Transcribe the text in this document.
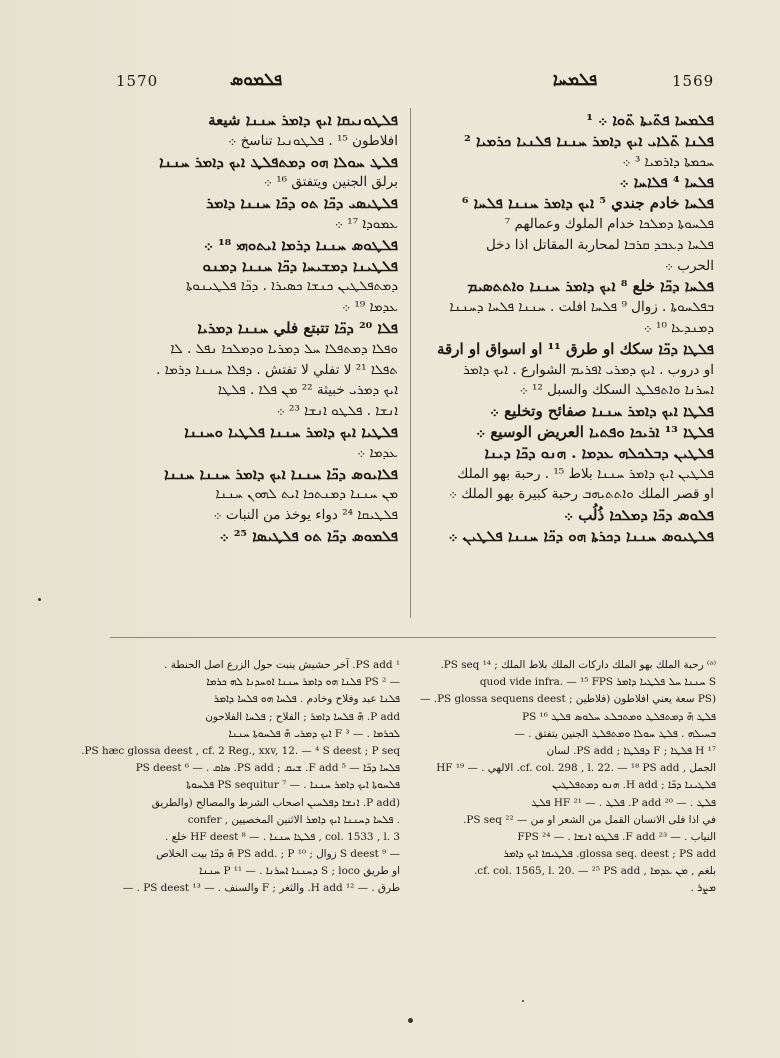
1570	ܦܠܡܘܣ	ܦܠܡܚܐ	1569
ܦܠܛܘܢܝܩܐ ܐܝܟ ܕܐܡܪ ܚܢܢܐ شيعة
افلاطون ¹⁵ . ܦܠܛܘܢܝܐ تناسخ ܀
ܦܠܛ ܚܘܠܐ ܗܘ ܕܡܬܦܠܛ ܐܝܟ ܕܐܡܪ ܚܢܢܐ
برلق الجنين ويتفتق ¹⁶ ܀
ܦܠܛܝܣܝ ܕܟ̈ܐ ܬܘ ܕܟ̈ܐ ܚܢܢܐ ܕܐܡܪ
ܥܡܘܕܐ ¹⁷ ܀
ܦܠܛܘܣ ܚܢܢܐ ܕܪܡܐ ܐܝܬܘܗܝ ¹⁸ ܀
ܦܠܛܝܢܐ ܕܡܫܝܚܐ ܕܟ̈ܐ ܚܢܢܐ ܕܡܢܘ
ܕܡܬܦܠܛܝܢ ܟܢܫܐ ܟܣܝܪܐ . ܕܟ̈ܐ ܦܠܛܝܢܘܬܐ
ܥܕܡܐ ¹⁹ ܀
ܦܠܐ ²⁰ ܕܟ̈ܐ تتبتع فلي ܚܢܢܐ ܕܡܪܝܐ
ܘܦܠܐ ܕܡܬܦܠܐ ܚܠ ܕܡܪܝܐ ܘܕܡܠܟܐ ܢܦܠ . ܠܐ
ܬܦܠܐ ²¹ لا تفلي لا تفتش . ܕܦܠܐ ܚܢܢܐ ܕܪܡܐ .
ܐܝܟ ܕܡܪܝ خبيثة ²² ܡܢ ܦܠܐ . ܦܠܛܐ
ܐܢܫܐ . ܦܠܛܘ ܐܢܫܐ ²³ ܀
ܦܠܛܝܐ ܐܝܟ ܕܐܡܪ ܚܢܢܐ ܦܠܛܝܐ ܘܚܢܢܐ
ܥܕܡܐ ܀
ܦܠܐܝܘܣ ܕܟ̈ܐ ܚܢܢܐ ܐܝܟ ܕܐܡܪ ܚܢܢܐ ܚܢܢܐ
ܡܢ ܚܢܢܐ ܕܡܢܬܟܐ ܐܝܬ ܠܗܘܢ ܚܢܢܐ
ܦܠܛܝܩܐ ²⁴ دواء يوخذ من النبات ܀
ܦܠܡܘܣ ܕܟ̈ܐ ܬܘ ܦܠܛܝܣܐ ²⁵ ܀
ܦܠܡܚܐ ܦܬ̈ܝܬܐ ܬ̈ܘܐ ܀ ¹
ܦܠܢܐ ܬ̈ܠܐܝ ܐܝܟ ܕܐܡܪ ܚܢܢܐ ܦܠܢܝܐ ܟܪܡܝܐ ²
ܚܟܡܬܐ ܕܐܪܡܝܐ ³ ܀
ܦܠܚܐ ⁴ ܦܠܐܚܐ ܀
ܦܠܚܐ خادم جندي ⁵ ܐܝܟ ܕܐܡܪ ܚܢܢܐ ܦܠܚܐ ⁶
ܦܠܚܘܬܐ ܕܡܠܟܐ خدام الملوك وعمالهم ⁷
ܦܠܚܐ ܕܥܒܕ ܩܪܒܐ لمحاربة المقاتل اذا دخل
الحرب ܀
ܦܠܚܐ ܕܟ̈ܐ خلع ⁸ ܐܝܟ ܕܐܡܪ ܚܢܢܐ ܘܐܬܬܣܝܡ
ܒܦܠܚܘܬܐ . زوال ⁹ ܦܠܚܐ افلت . ܚܢܢܐ ܦܠܚܐ ܕܚܢܢܐ
ܕܡܢܕܥܐ ¹⁰ ܀
ܦܠܛܐ ܕܟ̈ܐ سكك او طرق ¹¹ او اسواق او ارقة
او دروب . ܐܝܟ ܕܡܪܝ ܐܦܪܝܡ الشوارع . ܐܝܟ ܕܐܡܪ
ܐܚܪܢܐ ܘܐܬܦܠܛ السكك والسبل ¹² ܀
ܦܠܛܐ ܐܝܟ ܕܐܡܪ ܚܢܢܐ صفائح وتخليع ܀
ܦܠܛܐ ¹³ ܐܪܝܟܐ ܘܦܬܝܐ العريض الوسيع ܀
ܦܠܛܝܢ ܕܒܠܟܠܗ ܥܕܡܐ . ܗܢܘ ܕܟ̈ܐ ܕܝܢܐ
ܦܠܛܝܢ ܐܝܟ ܕܐܡܪ ܚܢܢܐ بلاط ¹⁵ . رحبة بهو الملك
او قصر الملك ܘܐܬܬܝܗܒ رحبة كبيرة بهو الملك ܀
ܦܠܘܣ ܕܟ̈ܐ ܕܡܠܟܐ ذُلُب ܀
ܦܠܛܝܘܣ ܚܢܢܐ ܕܟܪܬܐ ܗܘ ܕܟ̈ܐ ܚܢܢܐ ܦܠܛܝܢ ܀
¹ PS add. آخر حشيش ينبت حول الزرع اصل الحنطة .
— ² PS ܦܠܢܐ ܗܘ ܕܐܡܪ ܚܢܢܐ ܐܘܚܕܢܐ ܠܗ ܟܪܡܐ
ܦܠܢܐ عبد وفلاح وخادم . ܦܠܚܐ ܗܘ ܦܠܚܐ ܕܐܡܪ
P add. ܗ̄ ܦܠܚܐ ܕܐܡܪ ; الفلاح ; ܦܠܚܐ الفلاحون
ܠܟܪܡܐ . — ³ F ܐܝܟ ܕܡܪܝ ܗ̄ ܦܠܚܘܬܐ ܚܢܢܐ
PS hæc glossa deest , cf. 2 Reg., xxv, 12. — ⁴ S deest ; P seq.
ܦܠܚܐ ܕܟ̈ܐ — ⁵ F add. ܫܝܩ ; PS add. ܣܐܩ . — ⁶ PS deest
ܦܠܚܘܬܐ ܐܝܟ ܕܐܡܪ ܚܢܢܐ . — ⁷ PS sequitur ܦܠܚܘܬܐ
(P add. ܐܢܫܐ ܕܦܠܚܝܢ اصحاب الشرط والمصالح (والطريق
. ܦܠܚܐ ܕܚܢܢܐ ܐܝܟ ܕܐܡܪ الاثنين المخصيين , confer
col. 1533 , l. 3 , ܦܠܛܐ ܚܢܢܐ . — ⁸ HF deest خلع .
— ⁹ S deest زوال ; ¹⁰ PS add. ; P ܗ̄ ܕܟ̈ܐ بيت الخلاص
او طريق S ; loco ܕܚܢܢܐ ܐܚܪܢܐ . — ¹¹ P ܚܢܢܐ
طرق . — ¹² H add. والثغر ; F والسنف . — ¹³ PS deest . —
⁽ᵃ⁾ رحبة الملك بهو الملك داركات الملك بلاط الملك ; ¹⁴ PS seq.
S ܚܢܢܐ ܚܠ ܦܠܛܝܐ ܕܐܡܪ quod vide infra. — ¹⁵ FPS
(PS سعة يعني افلاطون (فلاطين ; PS glossa sequens deest. —
ܦܠܛ ܗ̄ ܕܡܬܦܠܛ ܘܡܬܒܠܥ ܚܠܘܣ ܦܠܛ ¹⁶ PS
ܒܚܝܠܗ . ܦܠܛ ܚܘܠܐ ܘܡܬܦܠܛ الجنين يتفتق . —
¹⁷ H ܦܠܛܐ ; F ܕܦܠܛܐ ; PS add. لسان
الجمل , cf. col. 298 , l. 22. — ¹⁸ PS add. الالهي . — ¹⁹ HF
ܦܠܛܝܢܐ ܕܟ̈ܐ ; H add. ܗܢܘ ܕܡܬܦܠܛܝܢ
ܦܠܛ . — ²⁰ P add. ܦܠܛ . — ²¹ HF ܦܠܛ
في اذا فلى الانسان القمل من الشعر او من — ²² PS seq.
النياب . — ²³ F add. ܦܠܛܘ ܐܢܫܐ . — ²⁴ FPS
glossa seq. deest ; PS add. ܦܠܛܝܩܐ ܐܝܟ ܕܐܡܪ
بلغم , ܡܢ ܥܕܡܐ , cf. col. 1565, l. 20. — ²⁵ PS add.
ܡܨܪ .
